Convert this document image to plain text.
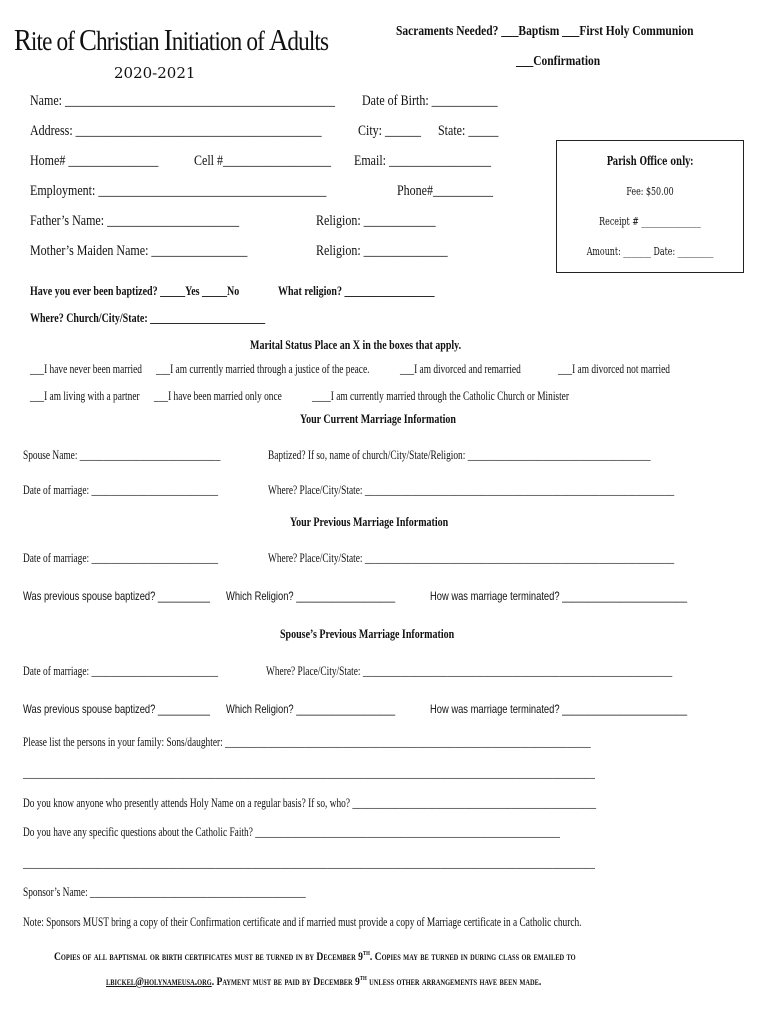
Rite of Christian Initiation of Adults
2020-2021
Sacraments Needed? ___Baptism ___First Holy Communion
___Confirmation
Name: _____________________________________________ Date of Birth: ___________
Address: _________________________________________ City: ______ State: _____
Home# _______________ Cell #__________________ Email: _________________
Employment: ______________________________________	Phone#__________
Father’s Name: ______________________	Religion: ____________
Mother’s Maiden Name: ________________	Religion: ______________
Parish Office only:
Fee: $50.00
Receipt # _______________
Amount: _______ Date: _________
Have you ever been baptized? _____Yes _____No	What religion? __________________
Where? Church/City/State: _______________________
Marital Status Place an X in the boxes that apply.
___I have never been married ___I am currently married through a justice of the peace. ___I am divorced and remarried	___I am divorced not married
___I am living with a partner ___I have been married only once ____I am currently married through the Catholic Church or Minister
Your Current Marriage Information
Spouse Name: ______________________________	Baptized? If so, name of church/City/State/Religion: _______________________________________
Date of marriage: ___________________________	Where? Place/City/State: __________________________________________________________________
Your Previous Marriage Information
Date of marriage: ___________________________	Where? Place/City/State: __________________________________________________________________
Was previous spouse baptized? __________ Which Religion? ___________________	How was marriage terminated? ________________________
Spouse’s Previous Marriage Information
Date of marriage: ___________________________	Where? Place/City/State: __________________________________________________________________
Was previous spouse baptized? __________ Which Religion? ___________________	How was marriage terminated? ________________________
Please list the persons in your family: Sons/daughter: ______________________________________________________________________________
__________________________________________________________________________________________________________________________
Do you know anyone who presently attends Holy Name on a regular basis? If so, who? ____________________________________________________
Do you have any specific questions about the Catholic Faith? _________________________________________________________________
__________________________________________________________________________________________________________________________
Sponsor’s Name: ______________________________________________
Note: Sponsors MUST bring a copy of their Confirmation certificate and if married must provide a copy of Marriage certificate in a Catholic church.
Copies of all baptismal or birth certificates must be turned in by December 9th. Copies may be turned in during class or emailed to
lbickel@holynameusa.org. Payment must be paid by December 9th unless other arrangements have been made.
